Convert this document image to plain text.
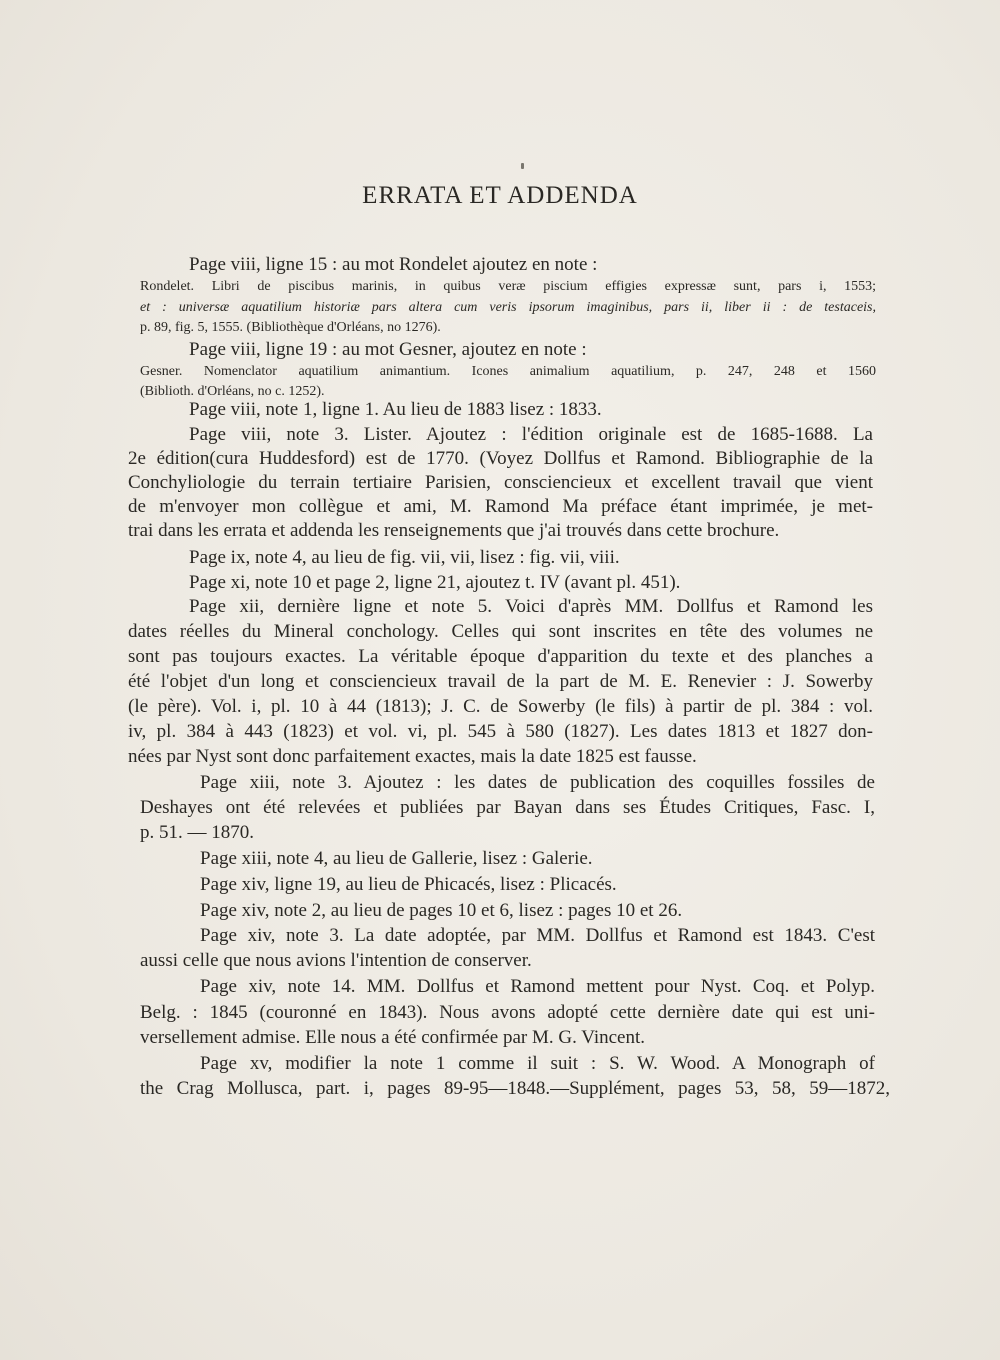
ERRATA ET ADDENDA
Page viii, ligne 15 : au mot Rondelet ajoutez en note :
Rondelet. Libri de piscibus marinis, in quibus veræ piscium effigies expressæ sunt, pars i, 1553;
et : universæ aquatilium historiæ pars altera cum veris ipsorum imaginibus, pars ii, liber ii : de testaceis,
p. 89, fig. 5, 1555. (Bibliothèque d'Orléans, no 1276).
Page viii, ligne 19 : au mot Gesner, ajoutez en note :
Gesner. Nomenclator aquatilium animantium. Icones animalium aquatilium, p. 247, 248 et 1560
(Biblioth. d'Orléans, no c. 1252).
Page viii, note 1, ligne 1. Au lieu de 1883 lisez : 1833.
Page viii, note 3. Lister. Ajoutez : l'édition originale est de 1685-1688. La
2e édition(cura Huddesford) est de 1770. (Voyez Dollfus et Ramond. Bibliographie de la
Conchyliologie du terrain tertiaire Parisien, consciencieux et excellent travail que vient
de m'envoyer mon collègue et ami, M. Ramond Ma préface étant imprimée, je met-
trai dans les errata et addenda les renseignements que j'ai trouvés dans cette brochure.
Page ix, note 4, au lieu de fig. vii, vii, lisez : fig. vii, viii.
Page xi, note 10 et page 2, ligne 21, ajoutez t. IV (avant pl. 451).
Page xii, dernière ligne et note 5. Voici d'après MM. Dollfus et Ramond les
dates réelles du Mineral conchology. Celles qui sont inscrites en tête des volumes ne
sont pas toujours exactes. La véritable époque d'apparition du texte et des planches a
été l'objet d'un long et consciencieux travail de la part de M. E. Renevier : J. Sowerby
(le père). Vol. i, pl. 10 à 44 (1813); J. C. de Sowerby (le fils) à partir de pl. 384 : vol.
iv, pl. 384 à 443 (1823) et vol. vi, pl. 545 à 580 (1827). Les dates 1813 et 1827 don-
nées par Nyst sont donc parfaitement exactes, mais la date 1825 est fausse.
Page xiii, note 3. Ajoutez : les dates de publication des coquilles fossiles de
Deshayes ont été relevées et publiées par Bayan dans ses Études Critiques, Fasc. I,
p. 51. — 1870.
Page xiii, note 4, au lieu de Gallerie, lisez : Galerie.
Page xiv, ligne 19, au lieu de Phicacés, lisez : Plicacés.
Page xiv, note 2, au lieu de pages 10 et 6, lisez : pages 10 et 26.
Page xiv, note 3. La date adoptée, par MM. Dollfus et Ramond est 1843. C'est
aussi celle que nous avions l'intention de conserver.
Page xiv, note 14. MM. Dollfus et Ramond mettent pour Nyst. Coq. et Polyp.
Belg. : 1845 (couronné en 1843). Nous avons adopté cette dernière date qui est uni-
versellement admise. Elle nous a été confirmée par M. G. Vincent.
Page xv, modifier la note 1 comme il suit : S. W. Wood. A Monograph of
the Crag Mollusca, part. i, pages 89-95—1848.—Supplément, pages 53, 58, 59—1872,
